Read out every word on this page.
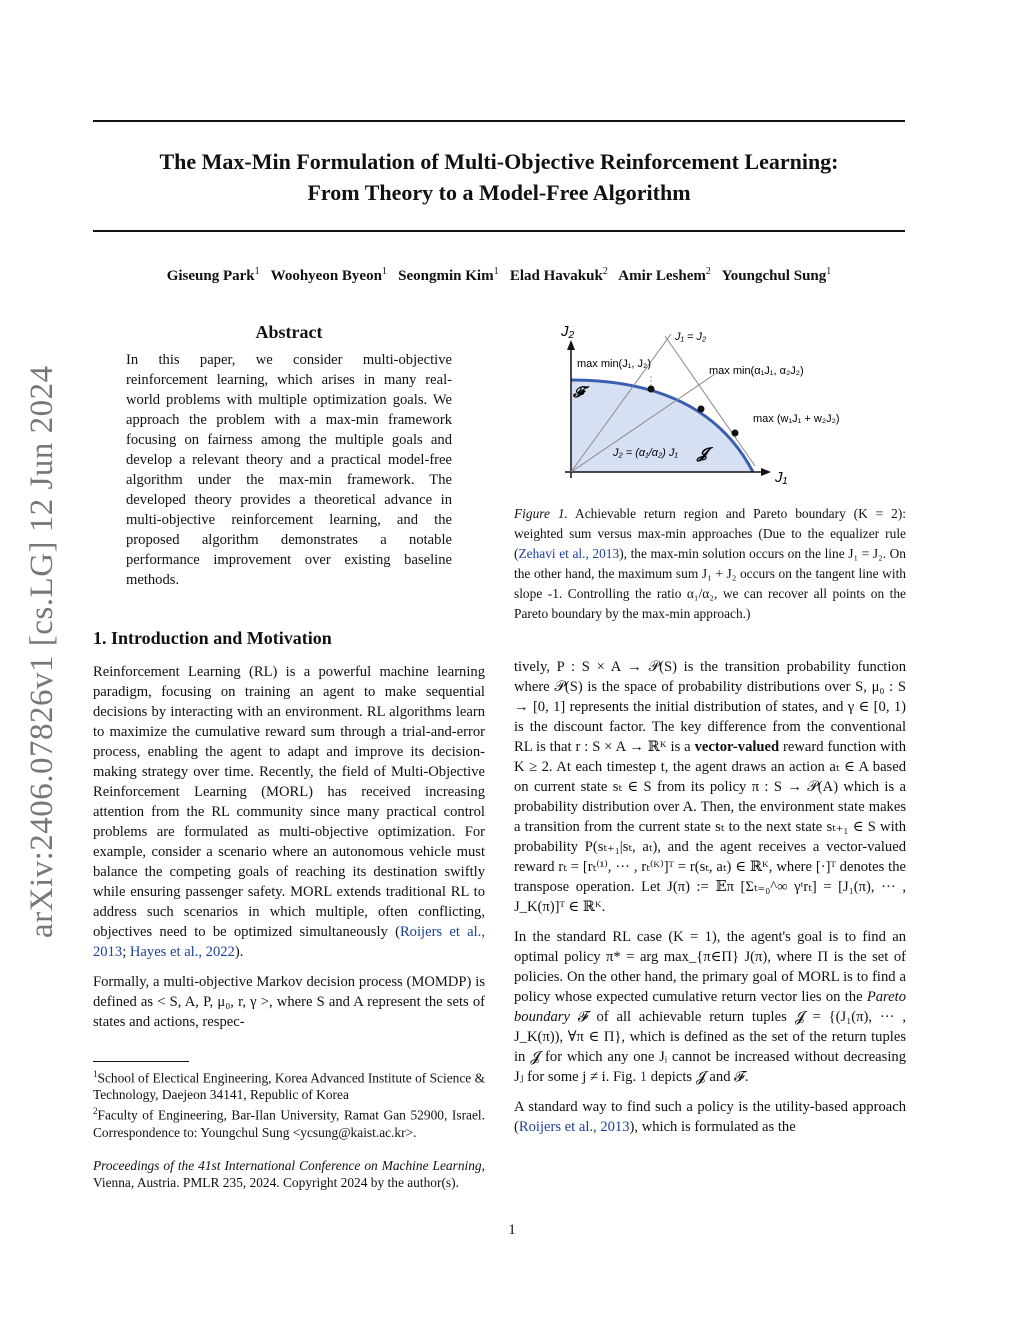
The Max-Min Formulation of Multi-Objective Reinforcement Learning:
From Theory to a Model-Free Algorithm
Giseung Park$^1$ Woohyeon Byeon$^1$ Seongmin Kim$^1$ Elad Havakuk$^2$ Amir Leshem$^2$ Youngchul Sung$^1$
arXiv:2406.07826v1 [cs.LG] 12 Jun 2024
Abstract

In this paper, we consider multi-objective reinforcement learning, which arises in many real-world problems with multiple optimization goals. We approach the problem with a max-min framework focusing on fairness among the multiple goals and develop a relevant theory and a practical model-free algorithm under the max-min framework. The developed theory provides a theoretical advance in multi-objective reinforcement learning, and the proposed algorithm demonstrates a notable performance improvement over existing baseline methods.

1. Introduction and Motivation

Reinforcement Learning (RL) is a powerful machine learning paradigm, focusing on training an agent to make sequential decisions by interacting with an environment. RL algorithms learn to maximize the cumulative reward sum through a trial-and-error process, enabling the agent to adapt and improve its decision-making strategy over time. Recently, the field of Multi-Objective Reinforcement Learning (MORL) has received increasing attention from the RL community since many practical control problems are formulated as multi-objective optimization. For example, consider a scenario where an autonomous vehicle must balance the competing goals of reaching its destination swiftly while ensuring passenger safety. MORL extends traditional RL to address such scenarios in which multiple, often conflicting, objectives need to be optimized simultaneously (Roijers et al., 2013; Hayes et al., 2022).

Formally, a multi-objective Markov decision process (MOMDP) is defined as < S, A, P, μ₀, r, γ >, where S and A represent the sets of states and actions, respec-

$^1$School of Electical Engineering, Korea Advanced Institute of Science & Technology, Daejeon 34141, Republic of Korea
$^2$Faculty of Engineering, Bar-Ilan University, Ramat Gan 52900, Israel. Correspondence to: Youngchul Sung <ycsung@kaist.ac.kr>.
Proceedings of the 41st International Conference on Machine Learning, Vienna, Austria. PMLR 235, 2024. Copyright 2024 by the author(s).
J₂
J₁
J₁ = J₂
max min(J₁, J₂)
max min(α₁J₁, α₂J₂)
max (w₁J₁ + w₂J₂)
𝓕
𝓙
J₂ = (α₁/α₂) J₁
Figure 1. Achievable return region and Pareto boundary (K = 2): weighted sum versus max-min approaches (Due to the equalizer rule (Zehavi et al., 2013), the max-min solution occurs on the line J₁ = J₂. On the other hand, the maximum sum J₁ + J₂ occurs on the tangent line with slope -1. Controlling the ratio α₁/α₂, we can recover all points on the Pareto boundary by the max-min approach.)

tively, P : S × A → 𝒫(S) is the transition probability function where 𝒫(S) is the space of probability distributions over S, μ₀ : S → [0, 1] represents the initial distribution of states, and γ ∈ [0, 1) is the discount factor. The key difference from the conventional RL is that r : S × A → ℝᴷ is a vector-valued reward function with K ≥ 2. At each timestep t, the agent draws an action aₜ ∈ A based on current state sₜ ∈ S from its policy π : S → 𝒫(A) which is a probability distribution over A. Then, the environment state makes a transition from the current state sₜ to the next state sₜ₊₁ ∈ S with probability P(sₜ₊₁|sₜ, aₜ), and the agent receives a vector-valued reward rₜ = [rₜ⁽¹⁾, ··· , rₜ⁽ᴷ⁾]ᵀ = r(sₜ, aₜ) ∈ ℝᴷ, where [·]ᵀ denotes the transpose operation. Let J(π) := 𝔼π [Σₜ₌₀^∞ γᵗrₜ] = [J₁(π), ··· , J_K(π)]ᵀ ∈ ℝᴷ.

In the standard RL case (K = 1), the agent's goal is to find an optimal policy π* = arg max_{π∈Π} J(π), where Π is the set of policies. On the other hand, the primary goal of MORL is to find a policy whose expected cumulative return vector lies on the Pareto boundary 𝓕 of all achievable return tuples 𝓙 = {(J₁(π), ··· , J_K(π)), ∀π ∈ Π}, which is defined as the set of the return tuples in 𝓙 for which any one Jᵢ cannot be increased without decreasing Jⱼ for some j ≠ i. Fig. 1 depicts 𝓙 and 𝓕.

A standard way to find such a policy is the utility-based approach (Roijers et al., 2013), which is formulated as the

1
